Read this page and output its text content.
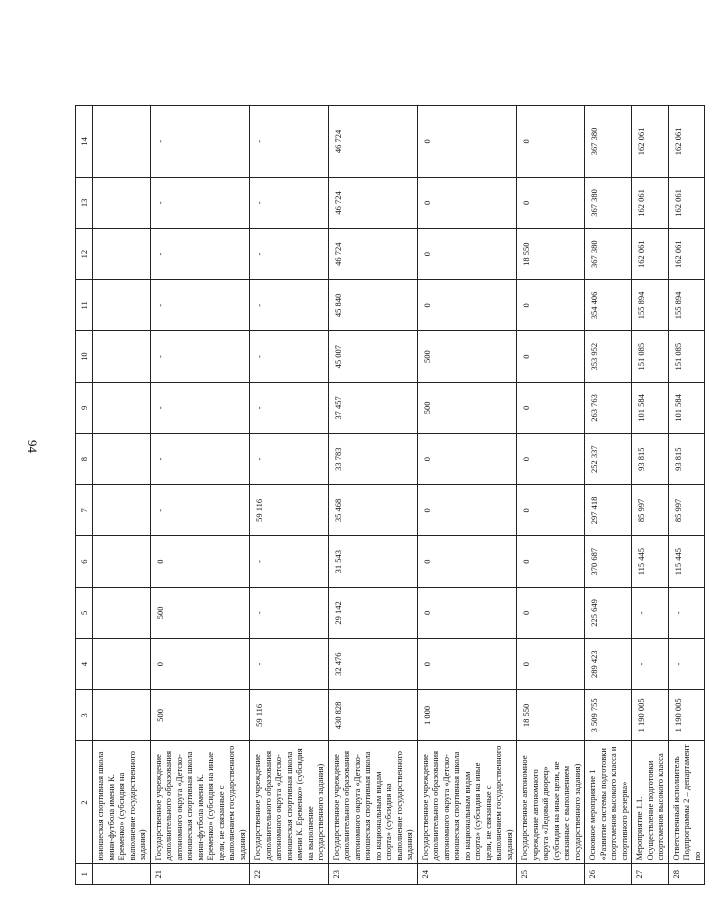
94
1	2	3	4	5	6	7	8	9	10	11	12	13	14
	юношеская спортивная школа мини-футбола имени К. Еременко» (субсидия на выполнение государственного задания)												
21	Государственное учреждение дополнительного образования автономного округа «Детско-юношеская спортивная школа мини-футбола имени К. Еременко» (субсидия на иные цели, не связанные с выполнением государственного задания)	500	0	500	0	-	-	-	-	-	-	-	-
22	Государственное учреждение дополнительного образования автономного округа «Детско-юношеская спортивная школа имени К. Еременко» (субсидия на выполнение государственного задания)	59 116	-	-	-	59 116	-	-	-	-	-	-	-
23	Государственное учреждение дополнительного образования автономного округа «Детско-юношеская спортивная школа по национальным видам спорта» (субсидия на выполнение государственного задания)	430 828	32 476	29 142	31 543	35 468	33 783	37 457	45 007	45 840	46 724	46 724	46 724
24	Государственное учреждение дополнительного образования автономного округа «Детско-юношеская спортивная школа по национальным видам спорта» (субсидия на иные цели, не связанные с выполнением государственного задания)	1 000	0	0	0	0	0	500	500	0	0	0	0
25	Государственное автономное учреждение автономного округа «Ледовый дворец» (субсидия на иные цели, не связанные с выполнением государственного задания)	18 550	0	0	0	0	0	0	0	0	18 550	0	0
26	Основное мероприятие 1 «Развитие системы подготовки спортсменов высокого класса и спортивного резерва»	3 509 755	289 423	225 649	370 687	297 418	252 337	263 763	353 952	354 406	367 380	367 380	367 380
27	Мероприятие 1.1. Осуществление подготовки спортсменов высокого класса	1 190 005	-	-	115 445	85 997	93 815	101 584	151 085	155 894	162 061	162 061	162 061
28	Ответственный исполнитель Подпрограммы 2 – департамент по	1 190 005	-	-	115 445	85 997	93 815	101 584	151 085	155 894	162 061	162 061	162 061
